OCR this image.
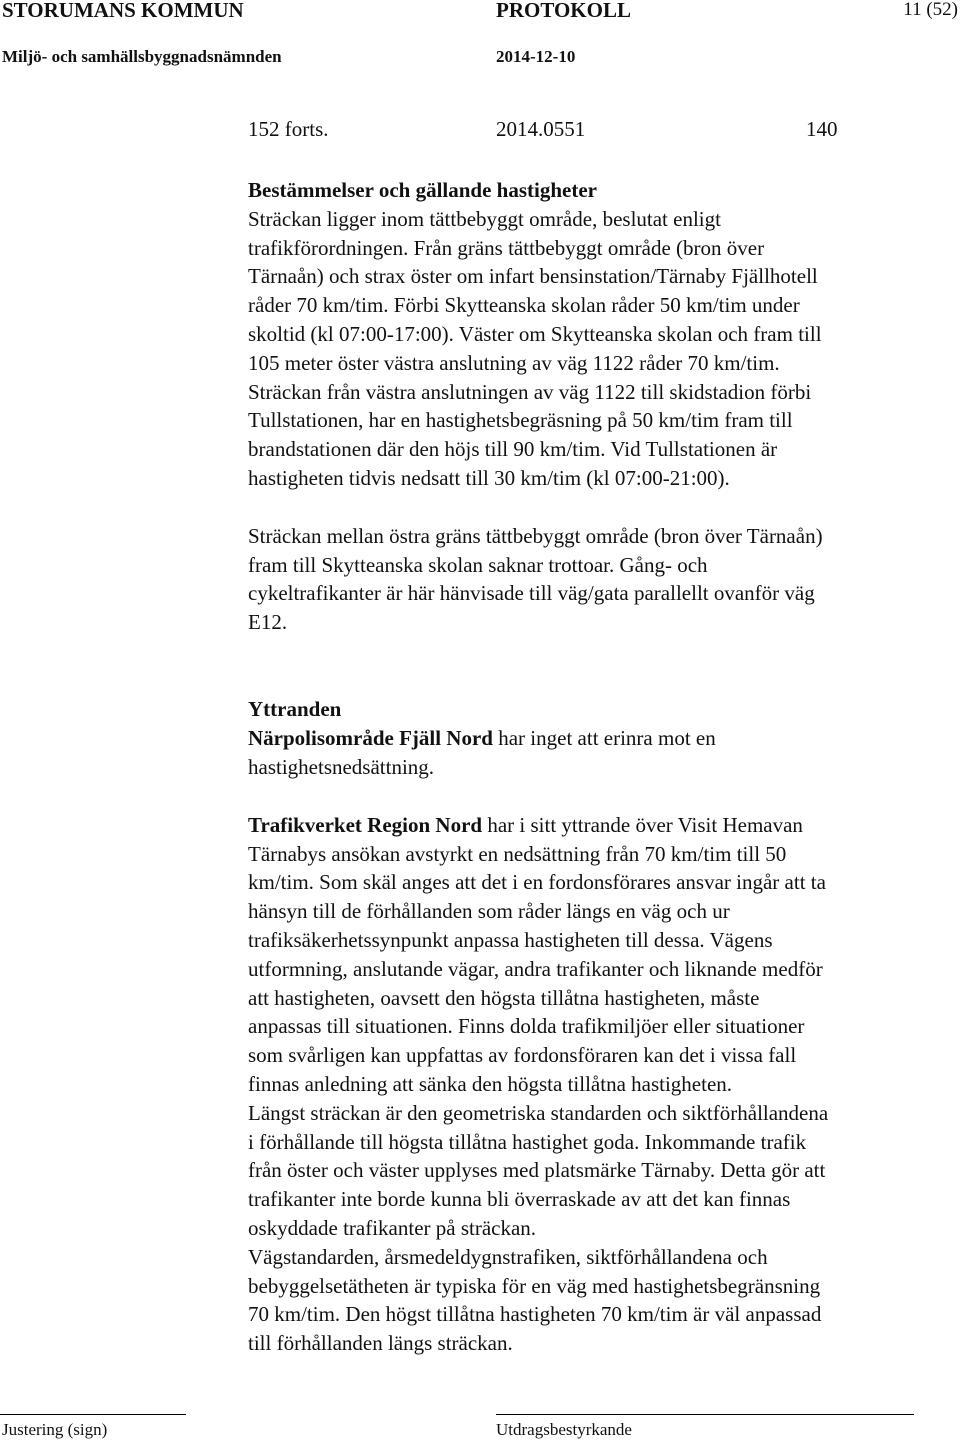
STORUMANS KOMMUN	PROTOKOLL	11 (52)
Miljö- och samhällsbyggnadsnämnden	2014-12-10
152 forts.	2014.0551	140
Bestämmelser och gällande hastigheter
Sträckan ligger inom tättbebyggt område, beslutat enligt
trafikförordningen. Från gräns tättbebyggt område (bron över
Tärnaån) och strax öster om infart bensinstation/Tärnaby Fjällhotell
råder 70 km/tim. Förbi Skytteanska skolan råder 50 km/tim under
skoltid (kl 07:00-17:00). Väster om Skytteanska skolan och fram till
105 meter öster västra anslutning av väg 1122 råder 70 km/tim.
Sträckan från västra anslutningen av väg 1122 till skidstadion förbi
Tullstationen, har en hastighetsbegräsning på 50 km/tim fram till
brandstationen där den höjs till 90 km/tim. Vid Tullstationen är
hastigheten tidvis nedsatt till 30 km/tim (kl 07:00-21:00).
Sträckan mellan östra gräns tättbebyggt område (bron över Tärnaån)
fram till Skytteanska skolan saknar trottoar. Gång- och
cykeltrafikanter är här hänvisade till väg/gata parallellt ovanför väg
E12.
Yttranden
Närpolisområde Fjäll Nord har inget att erinra mot en
hastighetsnedsättning.
Trafikverket Region Nord har i sitt yttrande över Visit Hemavan
Tärnabys ansökan avstyrkt en nedsättning från 70 km/tim till 50
km/tim. Som skäl anges att det i en fordonsförares ansvar ingår att ta
hänsyn till de förhållanden som råder längs en väg och ur
trafiksäkerhetssynpunkt anpassa hastigheten till dessa. Vägens
utformning, anslutande vägar, andra trafikanter och liknande medför
att hastigheten, oavsett den högsta tillåtna hastigheten, måste
anpassas till situationen. Finns dolda trafikmiljöer eller situationer
som svårligen kan uppfattas av fordonsföraren kan det i vissa fall
finnas anledning att sänka den högsta tillåtna hastigheten.
Längst sträckan är den geometriska standarden och siktförhållandena
i förhållande till högsta tillåtna hastighet goda. Inkommande trafik
från öster och väster upplyses med platsmärke Tärnaby. Detta gör att
trafikanter inte borde kunna bli överraskade av att det kan finnas
oskyddade trafikanter på sträckan.
Vägstandarden, årsmedeldygnstrafiken, siktförhållandena och
bebyggelsetätheten är typiska för en väg med hastighetsbegränsning
70 km/tim. Den högst tillåtna hastigheten 70 km/tim är väl anpassad
till förhållanden längs sträckan.
Justering (sign)	Utdragsbestyrkande
